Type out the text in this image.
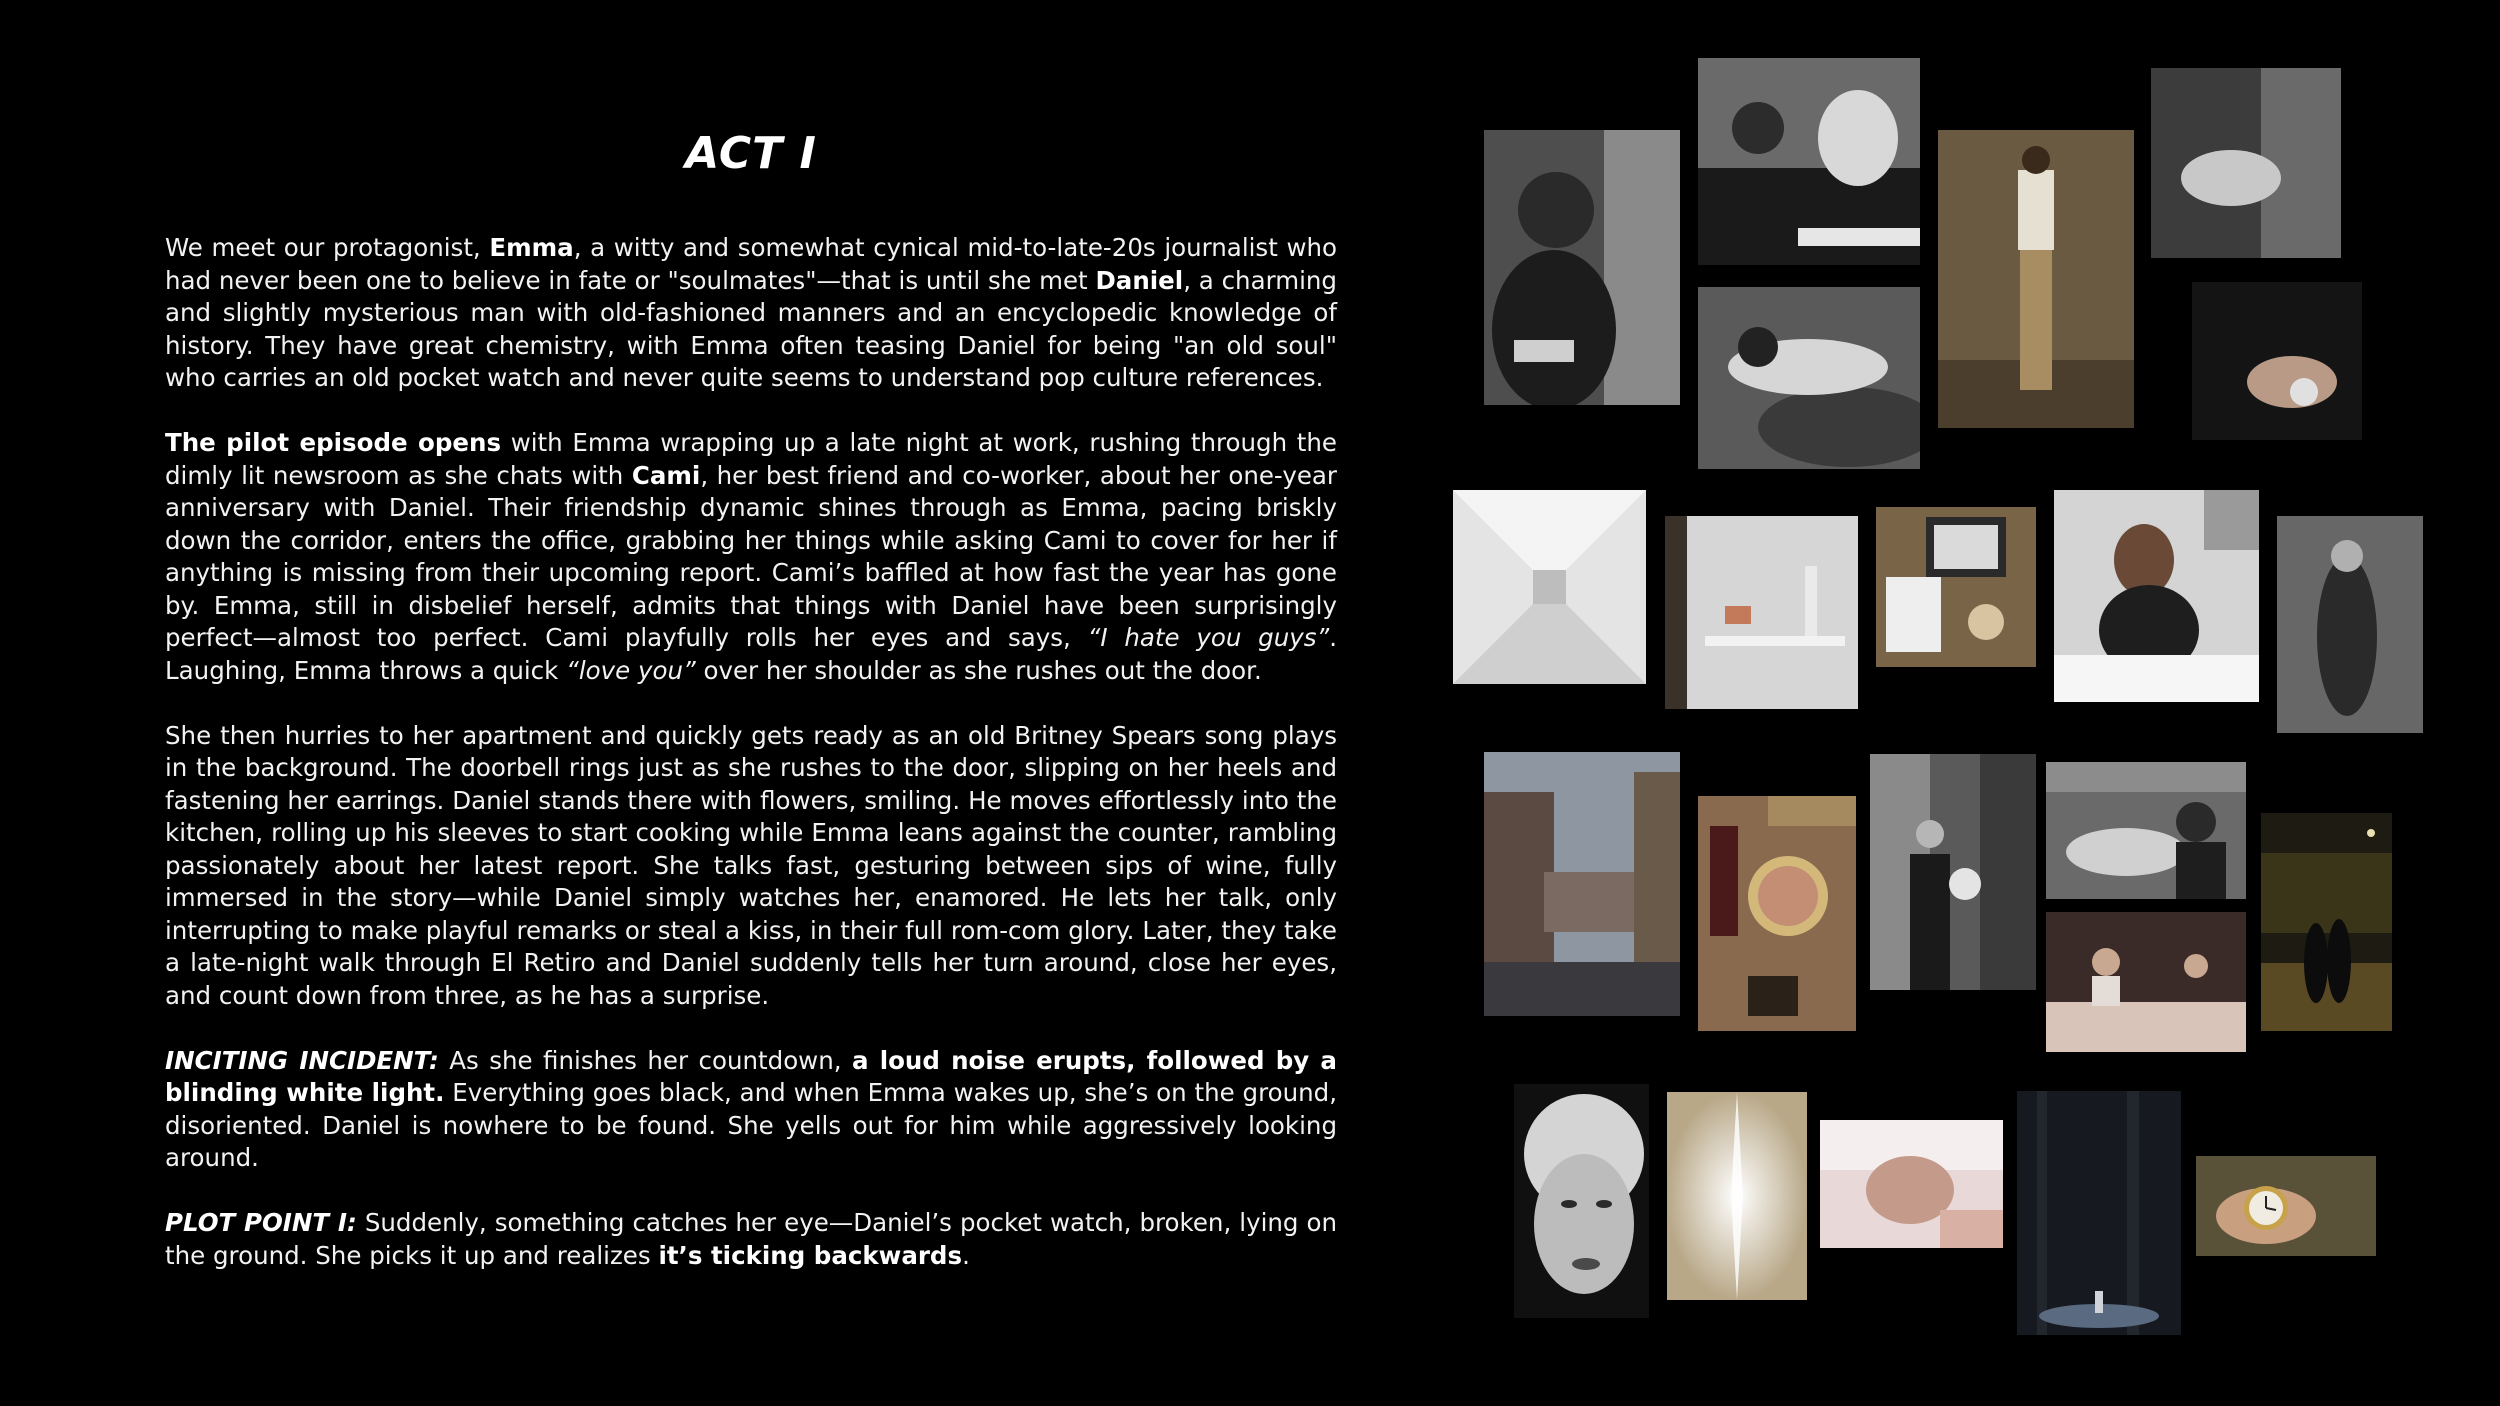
ACT I

We meet our protagonist, Emma, a witty and somewhat cynical mid-to-late-20s journalist who had never been one to believe in fate or "soulmates"—that is until she met Daniel, a charming and slightly mysterious man with old-fashioned manners and an encyclopedic knowledge of history. They have great chemistry, with Emma often teasing Daniel for being "an old soul" who carries an old pocket watch and never quite seems to understand pop culture references.

The pilot episode opens with Emma wrapping up a late night at work, rushing through the dimly lit newsroom as she chats with Cami, her best friend and co-worker, about her one-year anniversary with Daniel. Their friendship dynamic shines through as Emma, pacing briskly down the corridor, enters the office, grabbing her things while asking Cami to cover for her if anything is missing from their upcoming report. Cami’s baffled at how fast the year has gone by. Emma, still in disbelief herself, admits that things with Daniel have been surprisingly perfect—almost too perfect. Cami playfully rolls her eyes and says, “I hate you guys”. Laughing, Emma throws a quick “love you” over her shoulder as she rushes out the door.

She then hurries to her apartment and quickly gets ready as an old Britney Spears song plays in the background. The doorbell rings just as she rushes to the door, slipping on her heels and fastening her earrings. Daniel stands there with flowers, smiling. He moves effortlessly into the kitchen, rolling up his sleeves to start cooking while Emma leans against the counter, rambling passionately about her latest report. She talks fast, gesturing between sips of wine, fully immersed in the story—while Daniel simply watches her, enamored. He lets her talk, only interrupting to make playful remarks or steal a kiss, in their full rom-com glory. Later, they take a late-night walk through El Retiro and Daniel suddenly tells her turn around, close her eyes, and count down from three, as he has a surprise.

INCITING INCIDENT: As she finishes her countdown, a loud noise erupts, followed by a blinding white light. Everything goes black, and when Emma wakes up, she’s on the ground, disoriented. Daniel is nowhere to be found. She yells out for him while aggressively looking around.

PLOT POINT I: Suddenly, something catches her eye—Daniel’s pocket watch, broken, lying on the ground. She picks it up and realizes it’s ticking backwards.
